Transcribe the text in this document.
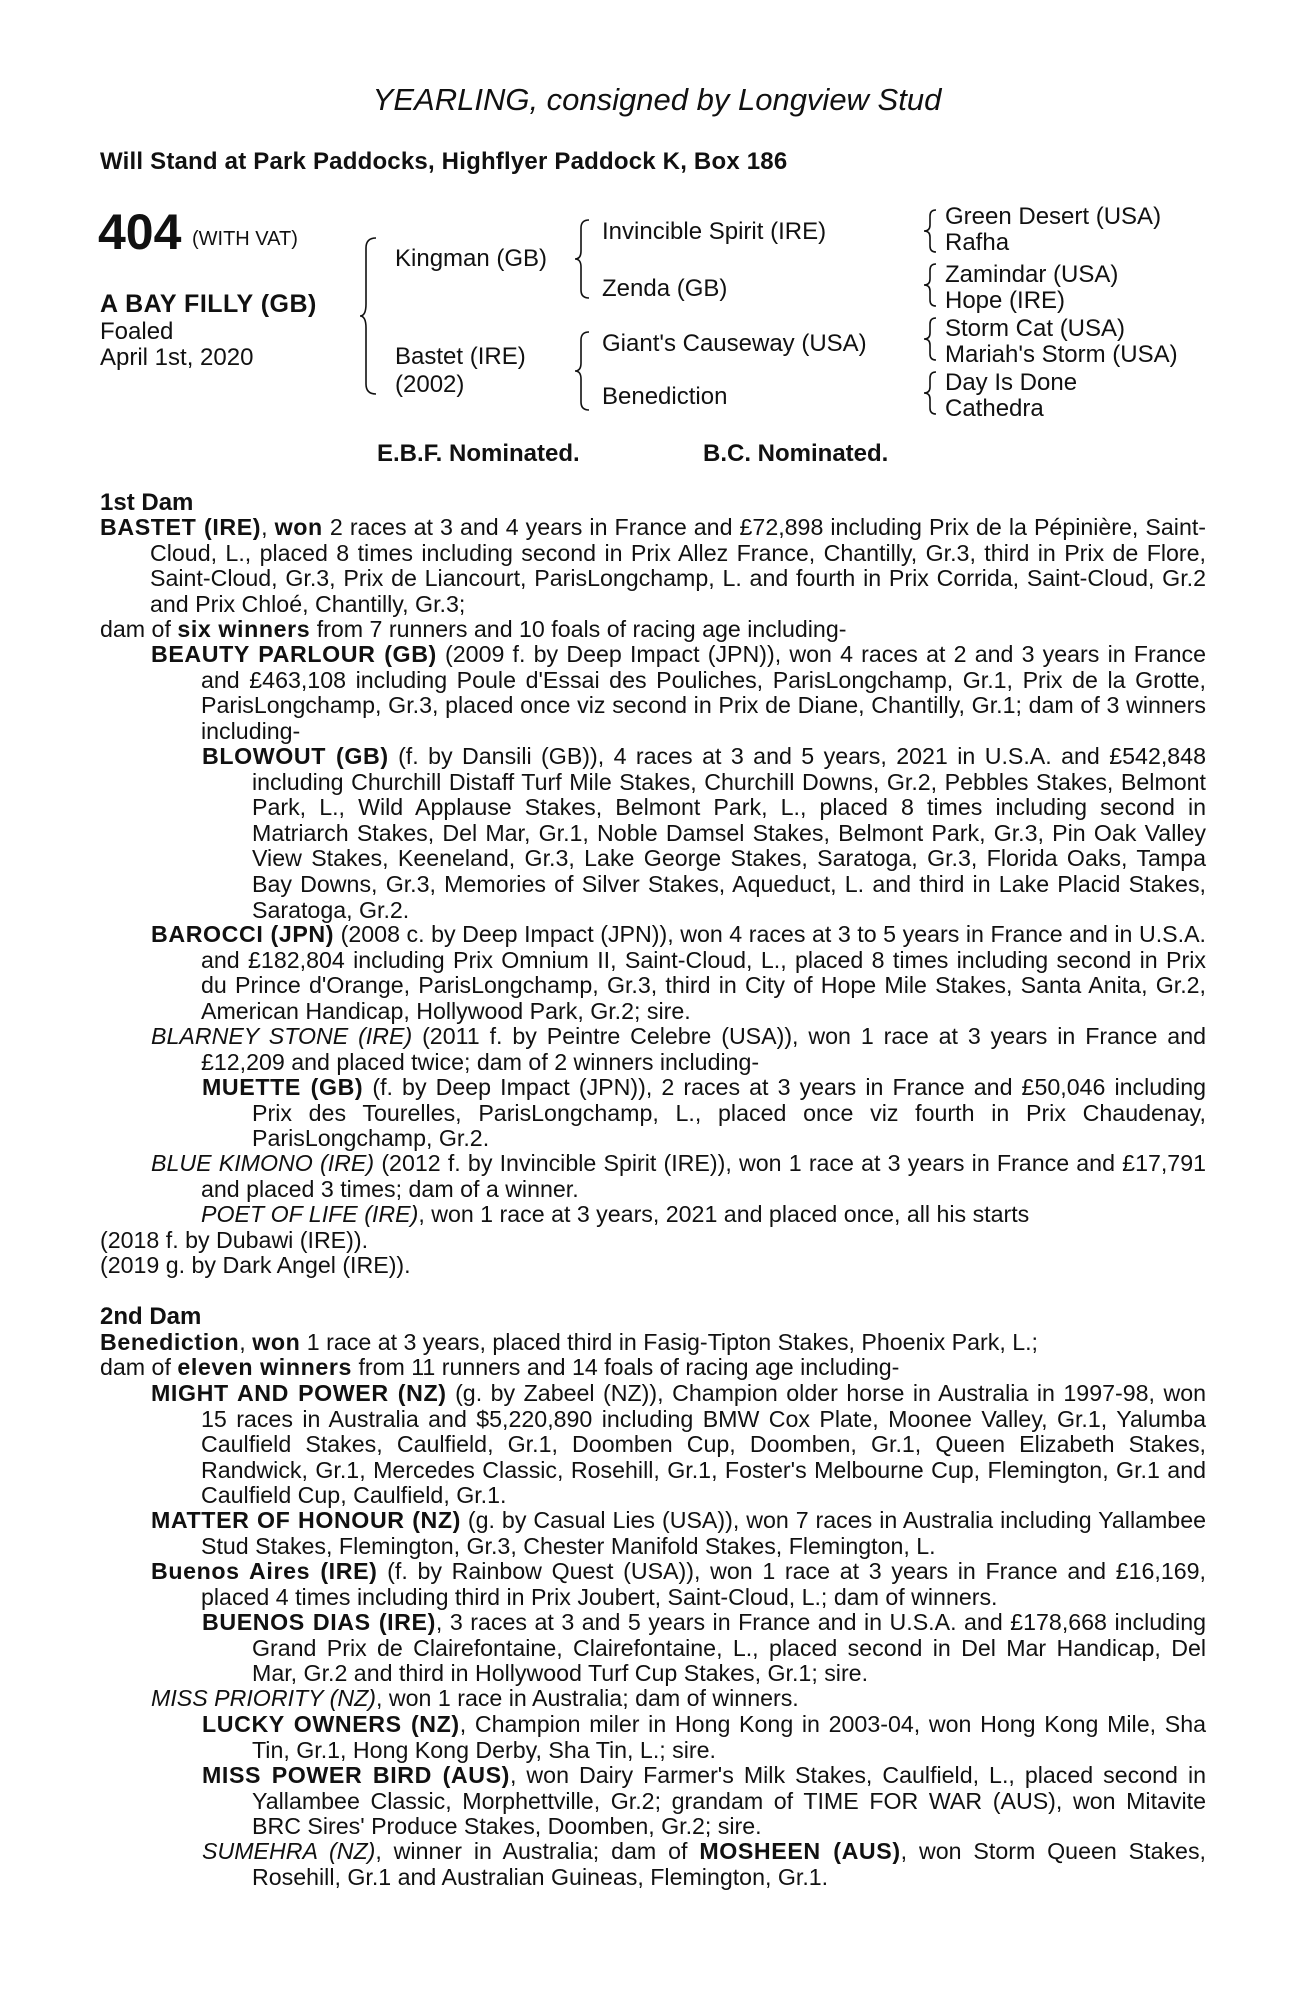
YEARLING, consigned by Longview Stud
Will Stand at Park Paddocks, Highflyer Paddock K, Box 186
404 (WITH VAT)
A BAY FILLY (GB)
Foaled
April 1st, 2020
Kingman (GB)
Bastet (IRE)
(2002)
Invincible Spirit (IRE)
Zenda (GB)
Giant's Causeway (USA)
Benediction
Green Desert (USA)
Rafha
Zamindar (USA)
Hope (IRE)
Storm Cat (USA)
Mariah's Storm (USA)
Day Is Done
Cathedra
E.B.F. Nominated.	B.C. Nominated.
1st Dam
BASTET (IRE), won 2 races at 3 and 4 years in France and £72,898 including Prix de la Pépinière, Saint-Cloud, L., placed 8 times including second in Prix Allez France, Chantilly, Gr.3, third in Prix de Flore, Saint-Cloud, Gr.3, Prix de Liancourt, ParisLongchamp, L. and fourth in Prix Corrida, Saint-Cloud, Gr.2 and Prix Chloé, Chantilly, Gr.3;
dam of six winners from 7 runners and 10 foals of racing age including-
BEAUTY PARLOUR (GB) (2009 f. by Deep Impact (JPN)), won 4 races at 2 and 3 years in France and £463,108 including Poule d'Essai des Pouliches, ParisLongchamp, Gr.1, Prix de la Grotte, ParisLongchamp, Gr.3, placed once viz second in Prix de Diane, Chantilly, Gr.1; dam of 3 winners including-
BLOWOUT (GB) (f. by Dansili (GB)), 4 races at 3 and 5 years, 2021 in U.S.A. and £542,848 including Churchill Distaff Turf Mile Stakes, Churchill Downs, Gr.2, Pebbles Stakes, Belmont Park, L., Wild Applause Stakes, Belmont Park, L., placed 8 times including second in Matriarch Stakes, Del Mar, Gr.1, Noble Damsel Stakes, Belmont Park, Gr.3, Pin Oak Valley View Stakes, Keeneland, Gr.3, Lake George Stakes, Saratoga, Gr.3, Florida Oaks, Tampa Bay Downs, Gr.3, Memories of Silver Stakes, Aqueduct, L. and third in Lake Placid Stakes, Saratoga, Gr.2.
BAROCCI (JPN) (2008 c. by Deep Impact (JPN)), won 4 races at 3 to 5 years in France and in U.S.A. and £182,804 including Prix Omnium II, Saint-Cloud, L., placed 8 times including second in Prix du Prince d'Orange, ParisLongchamp, Gr.3, third in City of Hope Mile Stakes, Santa Anita, Gr.2, American Handicap, Hollywood Park, Gr.2; sire.
BLARNEY STONE (IRE) (2011 f. by Peintre Celebre (USA)), won 1 race at 3 years in France and £12,209 and placed twice; dam of 2 winners including-
MUETTE (GB) (f. by Deep Impact (JPN)), 2 races at 3 years in France and £50,046 including Prix des Tourelles, ParisLongchamp, L., placed once viz fourth in Prix Chaudenay, ParisLongchamp, Gr.2.
BLUE KIMONO (IRE) (2012 f. by Invincible Spirit (IRE)), won 1 race at 3 years in France and £17,791 and placed 3 times; dam of a winner.
POET OF LIFE (IRE), won 1 race at 3 years, 2021 and placed once, all his starts
(2018 f. by Dubawi (IRE)).
(2019 g. by Dark Angel (IRE)).
2nd Dam
Benediction, won 1 race at 3 years, placed third in Fasig-Tipton Stakes, Phoenix Park, L.;
dam of eleven winners from 11 runners and 14 foals of racing age including-
MIGHT AND POWER (NZ) (g. by Zabeel (NZ)), Champion older horse in Australia in 1997-98, won 15 races in Australia and $5,220,890 including BMW Cox Plate, Moonee Valley, Gr.1, Yalumba Caulfield Stakes, Caulfield, Gr.1, Doomben Cup, Doomben, Gr.1, Queen Elizabeth Stakes, Randwick, Gr.1, Mercedes Classic, Rosehill, Gr.1, Foster's Melbourne Cup, Flemington, Gr.1 and Caulfield Cup, Caulfield, Gr.1.
MATTER OF HONOUR (NZ) (g. by Casual Lies (USA)), won 7 races in Australia including Yallambee Stud Stakes, Flemington, Gr.3, Chester Manifold Stakes, Flemington, L.
Buenos Aires (IRE) (f. by Rainbow Quest (USA)), won 1 race at 3 years in France and £16,169, placed 4 times including third in Prix Joubert, Saint-Cloud, L.; dam of winners.
BUENOS DIAS (IRE), 3 races at 3 and 5 years in France and in U.S.A. and £178,668 including Grand Prix de Clairefontaine, Clairefontaine, L., placed second in Del Mar Handicap, Del Mar, Gr.2 and third in Hollywood Turf Cup Stakes, Gr.1; sire.
MISS PRIORITY (NZ), won 1 race in Australia; dam of winners.
LUCKY OWNERS (NZ), Champion miler in Hong Kong in 2003-04, won Hong Kong Mile, Sha Tin, Gr.1, Hong Kong Derby, Sha Tin, L.; sire.
MISS POWER BIRD (AUS), won Dairy Farmer's Milk Stakes, Caulfield, L., placed second in Yallambee Classic, Morphettville, Gr.2; grandam of TIME FOR WAR (AUS), won Mitavite BRC Sires' Produce Stakes, Doomben, Gr.2; sire.
SUMEHRA (NZ), winner in Australia; dam of MOSHEEN (AUS), won Storm Queen Stakes, Rosehill, Gr.1 and Australian Guineas, Flemington, Gr.1.
